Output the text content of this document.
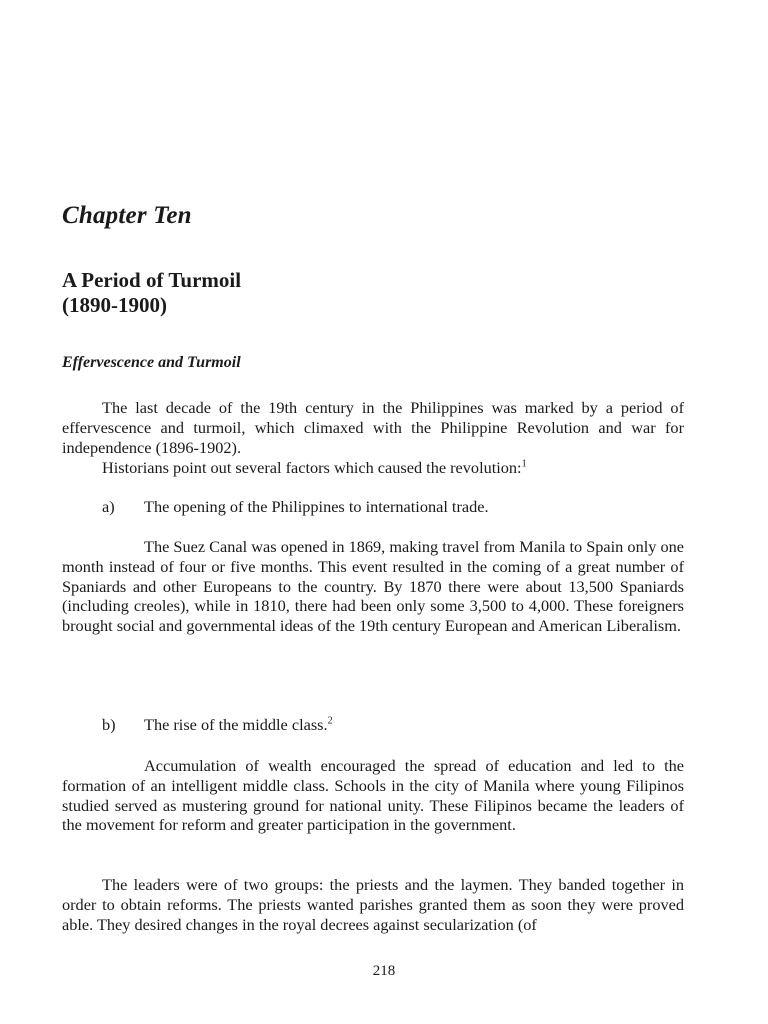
Chapter Ten
A Period of Turmoil
(1890-1900)
Effervescence and Turmoil

The last decade of the 19th century in the Philippines was marked by a period of effervescence and turmoil, which climaxed with the Philippine Revolution and war for independence (1896-1902).

Historians point out several factors which caused the revolution:$^1$

a) The opening of the Philippines to international trade.

The Suez Canal was opened in 1869, making travel from Manila to Spain only one month instead of four or five months. This event resulted in the coming of a great number of Spaniards and other Europeans to the country. By 1870 there were about 13,500 Spaniards (including creoles), while in 1810, there had been only some 3,500 to 4,000. These foreigners brought social and governmental ideas of the 19th century European and American Liberalism.

b) The rise of the middle class.$^2$

Accumulation of wealth encouraged the spread of education and led to the formation of an intelligent middle class. Schools in the city of Manila where young Filipinos studied served as mustering ground for national unity. These Filipinos became the leaders of the movement for reform and greater participation in the government.

The leaders were of two groups: the priests and the laymen. They banded together in order to obtain reforms. The priests wanted parishes granted them as soon they were proved able. They desired changes in the royal decrees against secularization (of

218
